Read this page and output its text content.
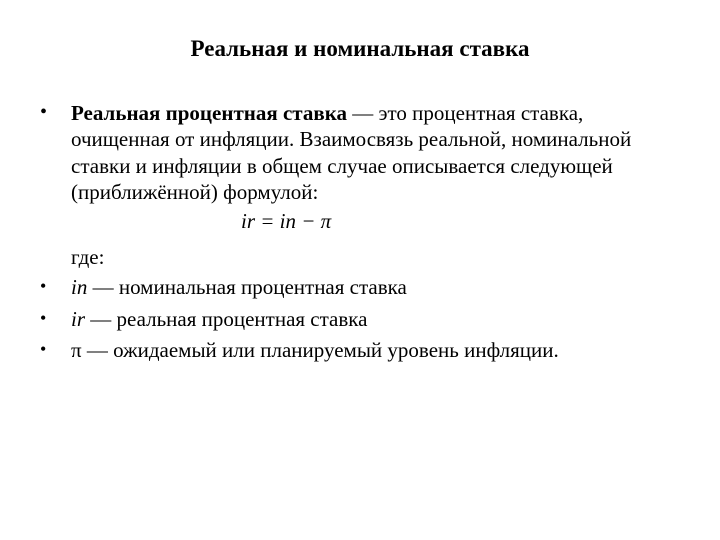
Реальная и номинальная ставка
• Реальная процентная ставка — это процентная ставка, очищенная от инфляции. Взаимосвязь реальной, номинальной ставки и инфляции в общем случае описывается следующей (приближённой) формулой:
ir = in − π
где:
• in — номинальная процентная ставка
• ir — реальная процентная ставка
• π — ожидаемый или планируемый уровень инфляции.
